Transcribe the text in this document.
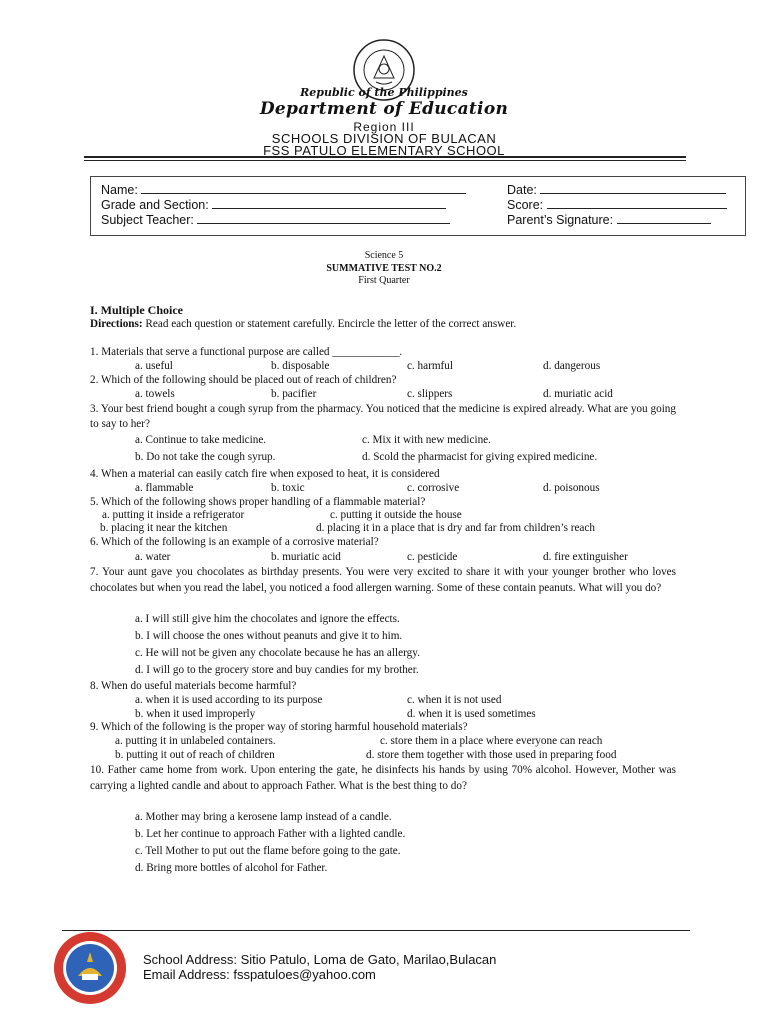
Republic of the Philippines
Department of Education
Region III
SCHOOLS DIVISION OF BULACAN
FSS PATULO ELEMENTARY SCHOOL
Name:	Date:
Grade and Section:	Score:
Subject Teacher:	Parent’s Signature:
Science 5
SUMMATIVE TEST NO.2
First Quarter
I. Multiple Choice
Directions: Read each question or statement carefully. Encircle the letter of the correct answer.
1. Materials that serve a functional purpose are called ____________.
a. useful	b. disposable	c. harmful	d. dangerous
2. Which of the following should be placed out of reach of children?
a. towels	b. pacifier	c. slippers	d. muriatic acid
3. Your best friend bought a cough syrup from the pharmacy. You noticed that the medicine is expired already. What are you going to say to her?
a. Continue to take medicine.	c. Mix it with new medicine.
b. Do not take the cough syrup.	d. Scold the pharmacist for giving expired medicine.
4. When a material can easily catch fire when exposed to heat, it is considered
a. flammable	b. toxic	c. corrosive	d. poisonous
5. Which of the following shows proper handling of a flammable material?
a. putting it inside a refrigerator	c. putting it outside the house
b. placing it near the kitchen	d. placing it in a place that is dry and far from children’s reach
6. Which of the following is an example of a corrosive material?
a. water	b. muriatic acid	c. pesticide	d. fire extinguisher
7. Your aunt gave you chocolates as birthday presents. You were very excited to share it with your younger brother who loves chocolates but when you read the label, you noticed a food allergen warning. Some of these contain peanuts. What will you do?
a. I will still give him the chocolates and ignore the effects.
b. I will choose the ones without peanuts and give it to him.
c. He will not be given any chocolate because he has an allergy.
d. I will go to the grocery store and buy candies for my brother.
8. When do useful materials become harmful?
a. when it is used according to its purpose	c. when it is not used
b. when it used improperly	d. when it is used sometimes
9. Which of the following is the proper way of storing harmful household materials?
a. putting it in unlabeled containers.	c. store them in a place where everyone can reach
b. putting it out of reach of children	d. store them together with those used in preparing food
10. Father came home from work. Upon entering the gate, he disinfects his hands by using 70% alcohol. However, Mother was carrying a lighted candle and about to approach Father. What is the best thing to do?
a. Mother may bring a kerosene lamp instead of a candle.
b. Let her continue to approach Father with a lighted candle.
c. Tell Mother to put out the flame before going to the gate.
d. Bring more bottles of alcohol for Father.
School Address: Sitio Patulo, Loma de Gato, Marilao,Bulacan
Email Address: fsspatuloes@yahoo.com
